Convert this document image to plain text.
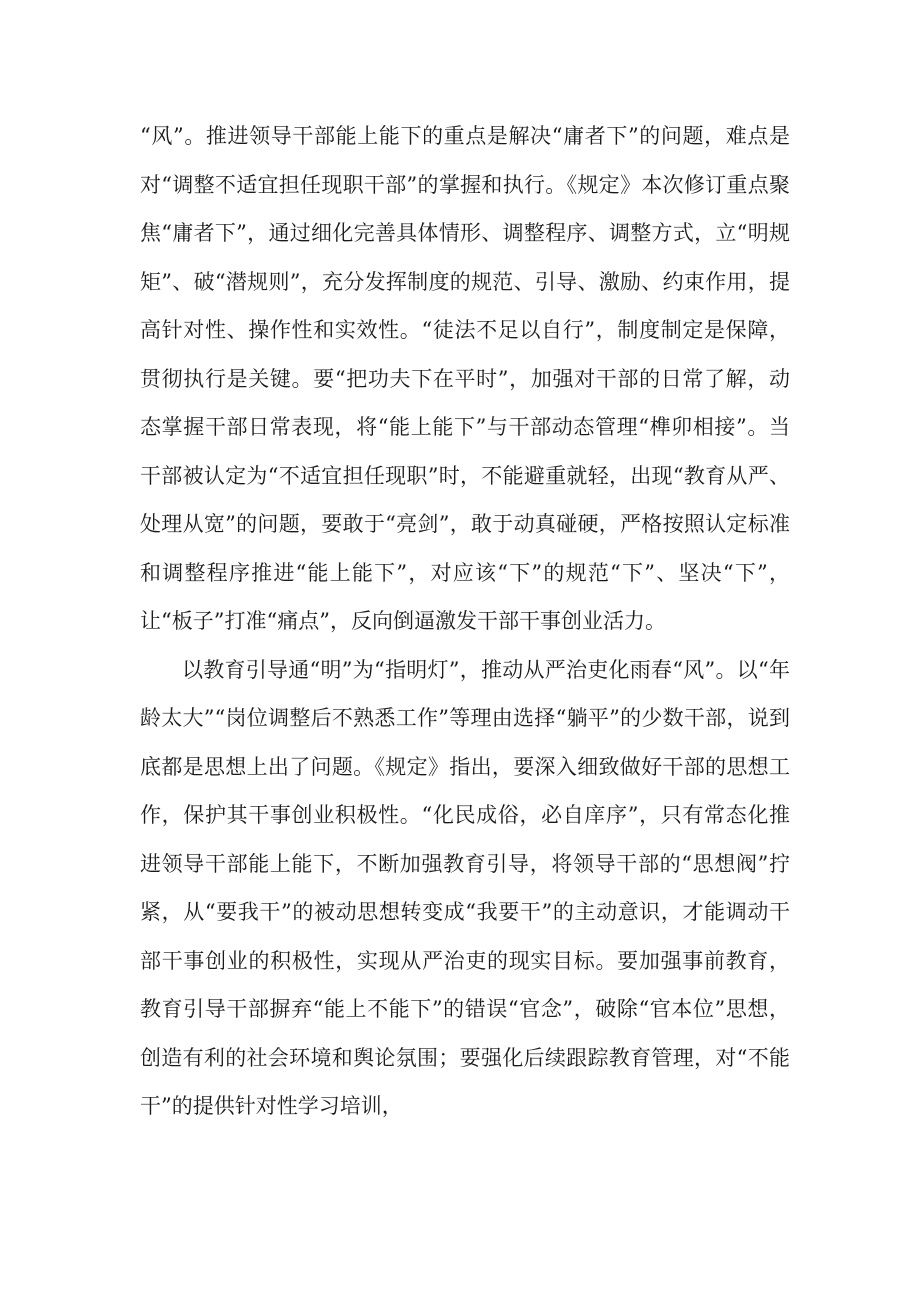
“风”。推进领导干部能上能下的重点是解决“庸者下”的问题，难点是对“调整不适宜担任现职干部”的掌握和执行。《规定》本次修订重点聚焦“庸者下”，通过细化完善具体情形、调整程序、调整方式，立“明规矩”、破“潜规则”，充分发挥制度的规范、引导、激励、约束作用，提高针对性、操作性和实效性。“徒法不足以自行”，制度制定是保障，贯彻执行是关键。要“把功夫下在平时”，加强对干部的日常了解，动态掌握干部日常表现，将“能上能下”与干部动态管理“榫卯相接”。当干部被认定为“不适宜担任现职”时，不能避重就轻，出现“教育从严、处理从宽”的问题，要敢于“亮剑”，敢于动真碰硬，严格按照认定标准和调整程序推进“能上能下”，对应该“下”的规范“下”、坚决“下”，让“板子”打准“痛点”，反向倒逼激发干部干事创业活力。

以教育引导通“明”为“指明灯”，推动从严治吏化雨春“风”。以“年龄太大”“岗位调整后不熟悉工作”等理由选择“躺平”的少数干部，说到底都是思想上出了问题。《规定》指出，要深入细致做好干部的思想工作，保护其干事创业积极性。“化民成俗，必自庠序”，只有常态化推进领导干部能上能下，不断加强教育引导，将领导干部的“思想阀”拧紧，从“要我干”的被动思想转变成“我要干”的主动意识，才能调动干部干事创业的积极性，实现从严治吏的现实目标。要加强事前教育，教育引导干部摒弃“能上不能下”的错误“官念”，破除“官本位”思想，创造有利的社会环境和舆论氛围；要强化后续跟踪教育管理，对“不能干”的提供针对性学习培训，
